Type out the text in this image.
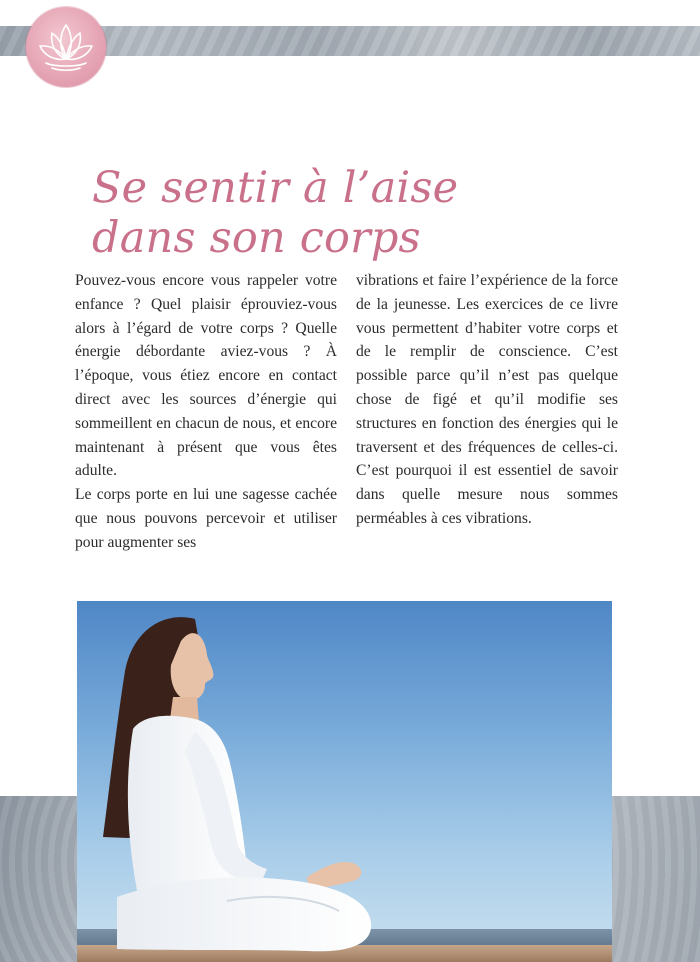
Se sentir à l’aise
dans son corps

Pouvez-vous encore vous rappeler votre enfance ? Quel plaisir éprouviez-vous alors à l’égard de votre corps ? Quelle énergie débordante aviez-vous ? À l’époque, vous étiez encore en contact direct avec les sources d’énergie qui sommeillent en chacun de nous, et encore maintenant à présent que vous êtes adulte.

Le corps porte en lui une sagesse cachée que nous pouvons percevoir et utiliser pour augmenter ses

vibrations et faire l’expérience de la force de la jeunesse. Les exercices de ce livre vous permettent d’habiter votre corps et de le remplir de conscience. C’est possible parce qu’il n’est pas quelque chose de figé et qu’il modifie ses structures en fonction des énergies qui le traversent et des fréquences de celles-ci. C’est pourquoi il est essentiel de savoir dans quelle mesure nous sommes perméables à ces vibrations.
